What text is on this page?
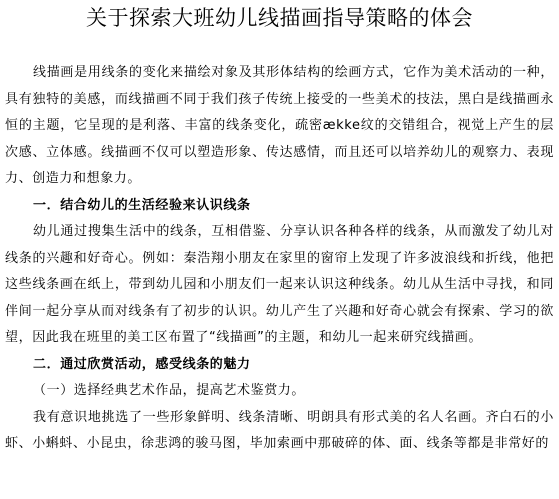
关于探索大班幼儿线描画指导策略的体会

线描画是用线条的变化来描绘对象及其形体结构的绘画方式，它作为美术活动的一种，具有独特的美感，而线描画不同于我们孩子传统上接受的一些美术的技法，黑白是线描画永恒的主题，它呈现的是利落、丰富的线条变化，疏密ække纹的交错组合，视觉上产生的层次感、立体感。线描画不仅可以塑造形象、传达感情，而且还可以培养幼儿的观察力、表现力、创造力和想象力。

一．结合幼儿的生活经验来认识线条

幼儿通过搜集生活中的线条，互相借鉴、分享认识各种各样的线条，从而激发了幼儿对线条的兴趣和好奇心。例如：秦浩翔小朋友在家里的窗帘上发现了许多波浪线和折线，他把这些线条画在纸上，带到幼儿园和小朋友们一起来认识这种线条。幼儿从生活中寻找，和同伴间一起分享从而对线条有了初步的认识。幼儿产生了兴趣和好奇心就会有探索、学习的欲望，因此我在班里的美工区布置了“线描画”的主题，和幼儿一起来研究线描画。

二．通过欣赏活动，感受线条的魅力

（一）选择经典艺术作品，提高艺术鉴赏力。

我有意识地挑选了一些形象鲜明、线条清晰、明朗具有形式美的名人名画。齐白石的小虾、小蝌蚪、小昆虫，徐悲鸿的骏马图，毕加索画中那破碎的体、面、线条等都是非常好的
